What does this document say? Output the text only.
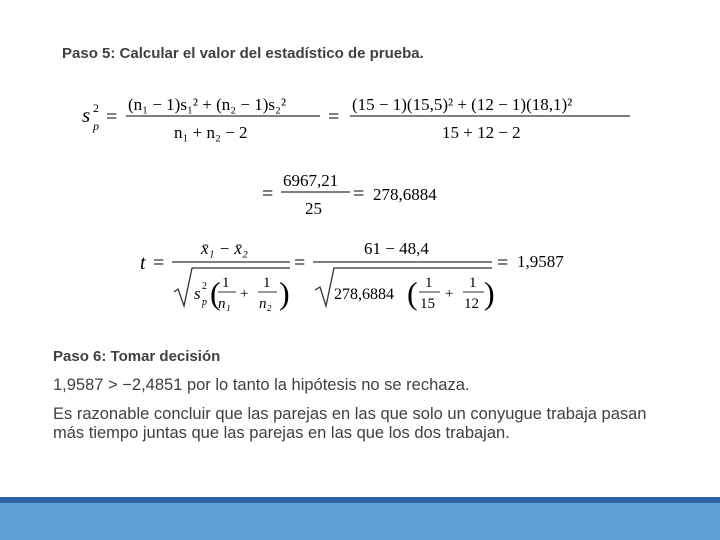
Paso 5: Calcular el valor del estadístico de prueba.
s 2
p =
(n₁ − 1)s₁² + (n₂ − 1)s₂²
n₁ + n₂ − 2
=
(15 − 1)(15,5)² + (12 − 1)(18,1)²
15 + 12 − 2
=
6967,21
25
= 278,6884
t =
x̄₁ − x̄₂
s 2
p ( 1
n₁
+
1
n₂ )
=
61 − 48,4
278,6884 ( 1
15
+
1
12 )
= 1,9587
Paso 6: Tomar decisión

1,9587 > −2,4851 por lo tanto la hipótesis no se rechaza.

Es razonable concluir que las parejas en las que solo un conyugue trabaja pasan más tiempo juntas que las parejas en las que los dos trabajan.
